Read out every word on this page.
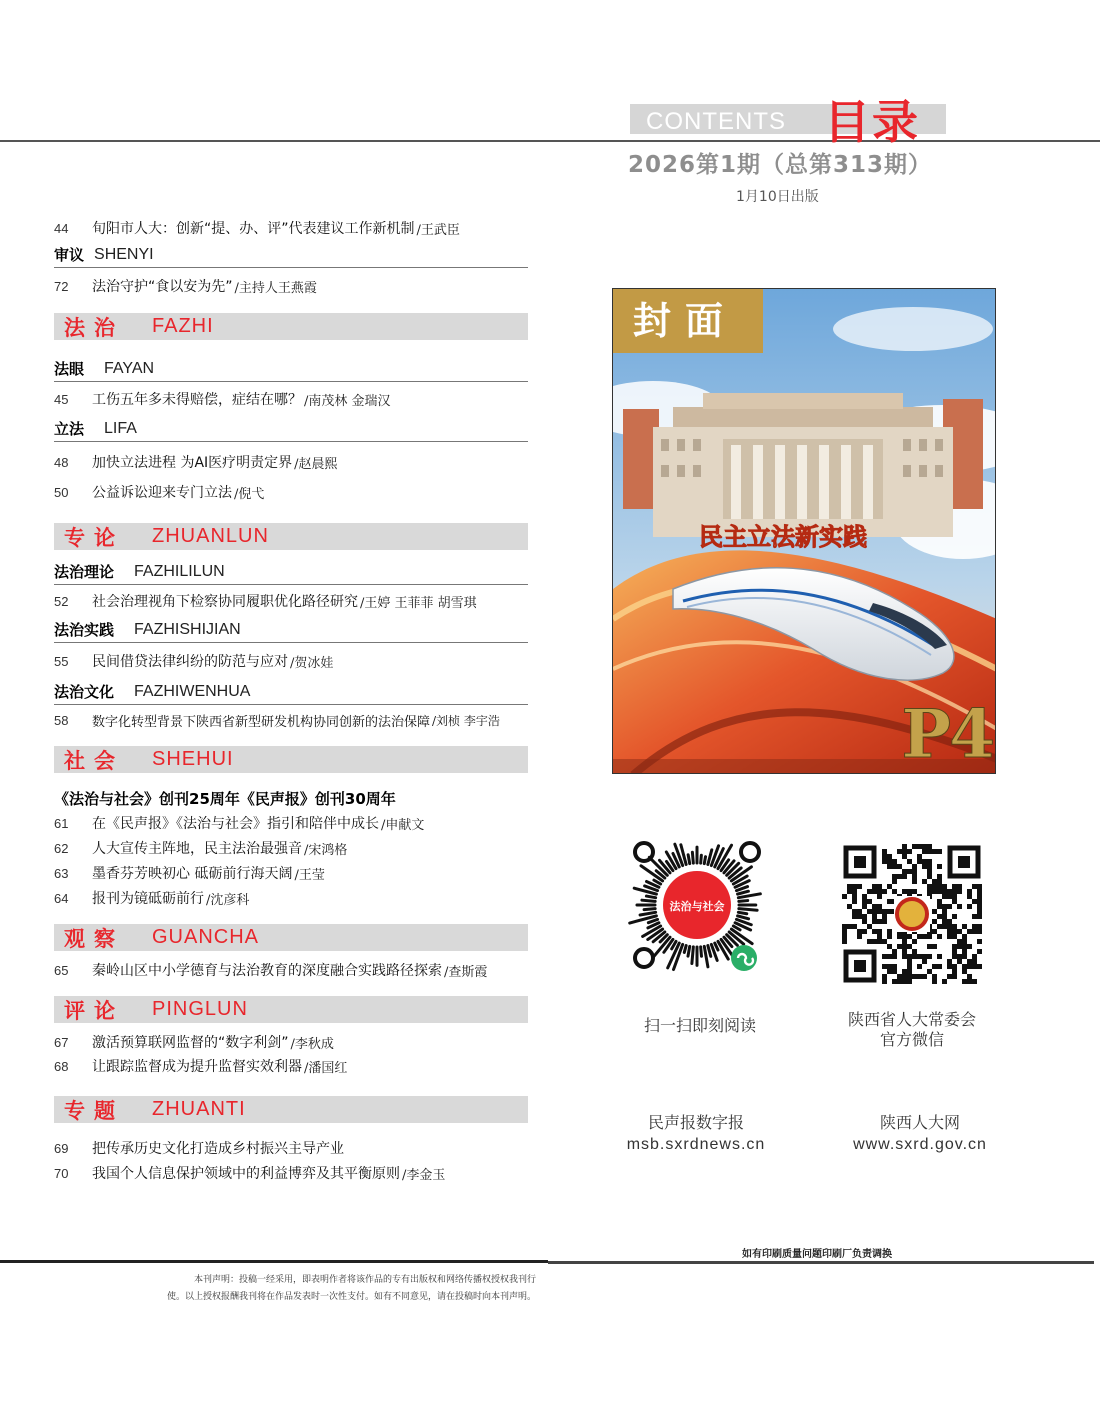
CONTENTS 目录
2026第1期（总第313期）
1月10日出版
44	旬阳市人大：创新“提、办、评”代表建议工作新机制 /王武臣
审议 SHENYI
72	法治守护“食以安为先” /主持人王燕霞
法治	FAZHI
法眼 FAYAN
45	工伤五年多未得赔偿，症结在哪？ /南茂林 金瑞汉
立法 LIFA
48	加快立法进程 为AI医疗明责定界 /赵晨熙
50	公益诉讼迎来专门立法 /倪弋
专论	ZHUANLUN
法治理论 FAZHILILUN
52	社会治理视角下检察协同履职优化路径研究 /王婷 王菲菲 胡雪琪
法治实践 FAZHISHIJIAN
55	民间借贷法律纠纷的防范与应对 /贺冰娃
法治文化 FAZHIWENHUA
58	数字化转型背景下陕西省新型研发机构协同创新的法治保障 /刘桢 李宇浩
社会	SHEHUI
《法治与社会》创刊25周年《民声报》创刊30周年
61	在《民声报》《法治与社会》指引和陪伴中成长 /申献文
62	人大宣传主阵地，民主法治最强音 /宋鸿格
63	墨香芬芳映初心 砥砺前行海天阔 /王莹
64	报刊为镜砥砺前行 /沈彦科
观察	GUANCHA
65	秦岭山区中小学德育与法治教育的深度融合实践路径探索 /查斯霞
评论	PINGLUN
67	激活预算联网监督的“数字利剑” /李秋成
68	让跟踪监督成为提升监督实效利器 /潘国红
专题	ZHUANTI
69	把传承历史文化打造成乡村振兴主导产业
70	我国个人信息保护领域中的利益博弈及其平衡原则 /李金玉
封面
民主立法新实践
P4
法治与社会
扫一扫即刻阅读	陕西省人大常委会
官方微信
民声报数字报
msb.sxrdnews.cn
陕西人大网
www.sxrd.gov.cn
如有印刷质量问题印刷厂负责调换
本刊声明：投稿一经采用，即表明作者将该作品的专有出版权和网络传播权授权我刊行
使。以上授权报酬我刊将在作品发表时一次性支付。如有不同意见，请在投稿时向本刊声明。
